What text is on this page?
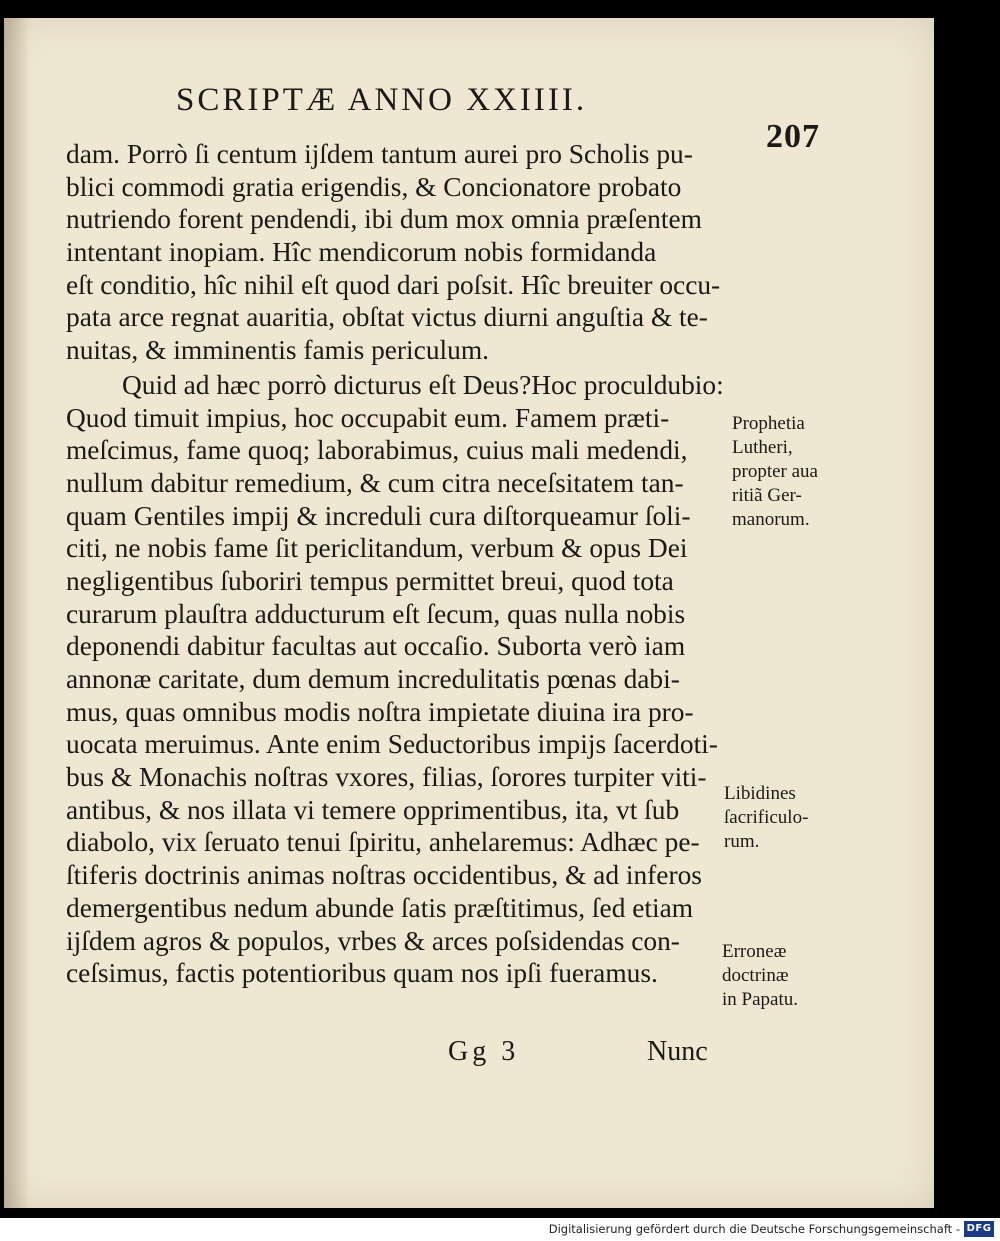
SCRIPTÆ ANNO XXIIII.
207
dam. Porrò ſi centum ijſdem tantum aurei pro Scholis pu-
blici commodi gratia erigendis, & Concionatore probato
nutriendo forent pendendi, ibi dum mox omnia præſentem
intentant inopiam. Hîc mendicorum nobis formidanda
eſt conditio, hîc nihil eſt quod dari poſsit. Hîc breuiter occu-
pata arce regnat auaritia, obſtat victus diurni anguſtia & te-
nuitas, & imminentis famis periculum.
Quid ad hæc porrò dicturus eſt Deus?Hoc proculdubio:
Quod timuit impius, hoc occupabit eum. Famem præti-
meſcimus, fame quoq; laborabimus, cuius mali medendi,
nullum dabitur remedium, & cum citra neceſsitatem tan-
quam Gentiles impij & increduli cura diſtorqueamur ſoli-
citi, ne nobis fame ſit periclitandum, verbum & opus Dei
negligentibus ſuboriri tempus permittet breui, quod tota
curarum plauſtra adducturum eſt ſecum, quas nulla nobis
deponendi dabitur facultas aut occaſio. Suborta verò iam
annonæ caritate, dum demum incredulitatis pœnas dabi-
mus, quas omnibus modis noſtra impietate diuina ira pro-
uocata meruimus. Ante enim Seductoribus impijs ſacerdoti-
bus & Monachis noſtras vxores, filias, ſorores turpiter viti-
antibus, & nos illata vi temere opprimentibus, ita, vt ſub
diabolo, vix ſeruato tenui ſpiritu, anhelaremus: Adhæc pe-
ſtiferis doctrinis animas noſtras occidentibus, & ad inferos
demergentibus nedum abunde ſatis præſtitimus, ſed etiam
ijſdem agros & populos, vrbes & arces poſsidendas con-
ceſsimus, factis potentioribus quam nos ipſi fueramus.
Prophetia
Lutheri,
propter aua
ritiã Ger-
manorum.
Libidines
ſacrificulo-
rum.
Erroneæ
doctrinæ
in Papatu.
Gg 3	Nunc
Digitalisierung gefördert durch die Deutsche Forschungsgemeinschaft - DFG
